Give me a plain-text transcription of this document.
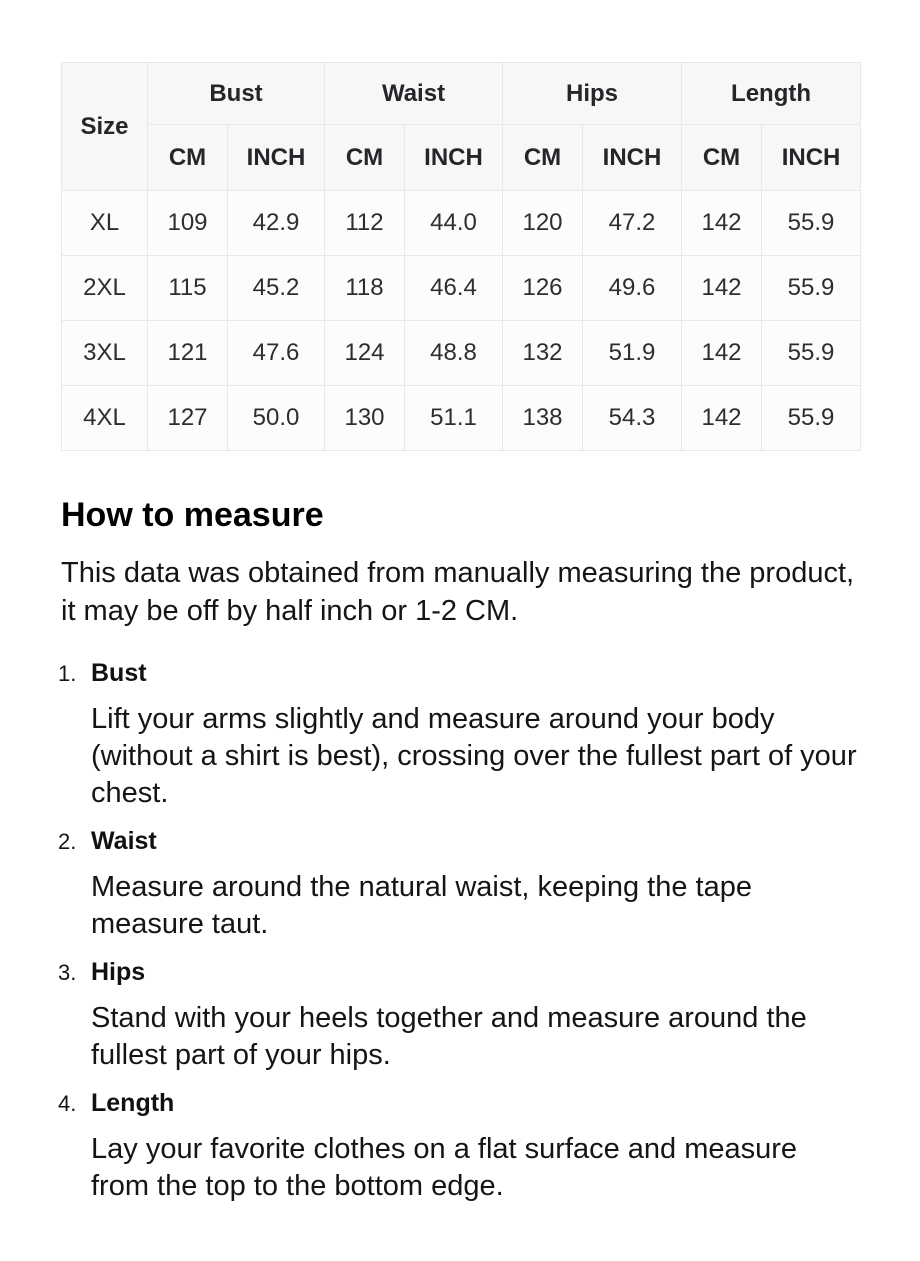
Size	Bust		Waist		Hips		Length	
	CM	INCH	CM	INCH	CM	INCH	CM	INCH
XL	109	42.9	112	44.0	120	47.2	142	55.9
2XL	115	45.2	118	46.4	126	49.6	142	55.9
3XL	121	47.6	124	48.8	132	51.9	142	55.9
4XL	127	50.0	130	51.1	138	54.3	142	55.9
How to measure

This data was obtained from manually measuring the product, it may be off by half inch or 1-2 CM.

1. Bust

Lift your arms slightly and measure around your body (without a shirt is best), crossing over the fullest part of your chest.

2. Waist

Measure around the natural waist, keeping the tape measure taut.

3. Hips

Stand with your heels together and measure around the fullest part of your hips.

4. Length

Lay your favorite clothes on a flat surface and measure from the top to the bottom edge.
